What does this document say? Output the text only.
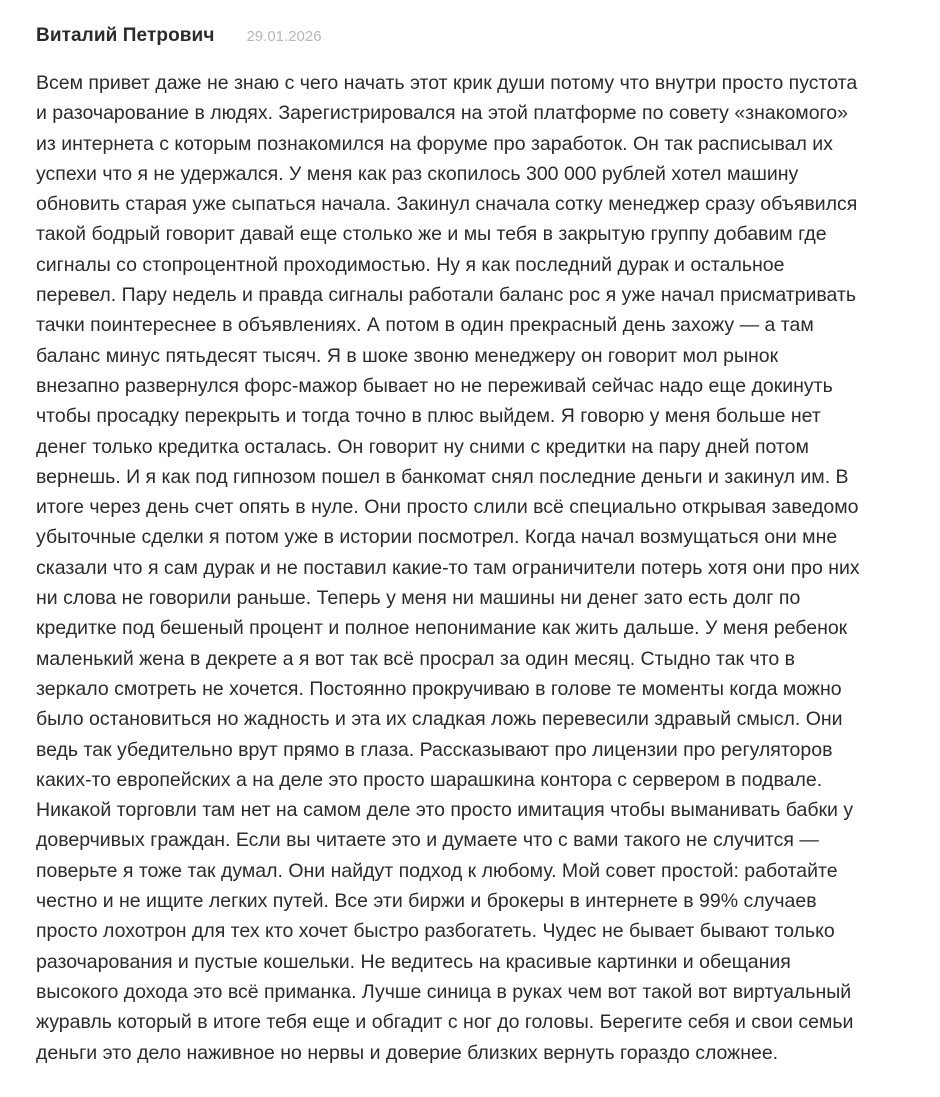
Виталий Петрович 29.01.2026
Всем привет даже не знаю с чего начать этот крик души потому что внутри просто пустота
и разочарование в людях. Зарегистрировался на этой платформе по совету «знакомого»
из интернета с которым познакомился на форуме про заработок. Он так расписывал их
успехи что я не удержался. У меня как раз скопилось 300 000 рублей хотел машину
обновить старая уже сыпаться начала. Закинул сначала сотку менеджер сразу объявился
такой бодрый говорит давай еще столько же и мы тебя в закрытую группу добавим где
сигналы со стопроцентной проходимостью. Ну я как последний дурак и остальное
перевел. Пару недель и правда сигналы работали баланс рос я уже начал присматривать
тачки поинтереснее в объявлениях. А потом в один прекрасный день захожу — а там
баланс минус пятьдесят тысяч. Я в шоке звоню менеджеру он говорит мол рынок
внезапно развернулся форс-мажор бывает но не переживай сейчас надо еще докинуть
чтобы просадку перекрыть и тогда точно в плюс выйдем. Я говорю у меня больше нет
денег только кредитка осталась. Он говорит ну сними с кредитки на пару дней потом
вернешь. И я как под гипнозом пошел в банкомат снял последние деньги и закинул им. В
итоге через день счет опять в нуле. Они просто слили всё специально открывая заведомо
убыточные сделки я потом уже в истории посмотрел. Когда начал возмущаться они мне
сказали что я сам дурак и не поставил какие-то там ограничители потерь хотя они про них
ни слова не говорили раньше. Теперь у меня ни машины ни денег зато есть долг по
кредитке под бешеный процент и полное непонимание как жить дальше. У меня ребенок
маленький жена в декрете а я вот так всё просрал за один месяц. Стыдно так что в
зеркало смотреть не хочется. Постоянно прокручиваю в голове те моменты когда можно
было остановиться но жадность и эта их сладкая ложь перевесили здравый смысл. Они
ведь так убедительно врут прямо в глаза. Рассказывают про лицензии про регуляторов
каких-то европейских а на деле это просто шарашкина контора с сервером в подвале.
Никакой торговли там нет на самом деле это просто имитация чтобы выманивать бабки у
доверчивых граждан. Если вы читаете это и думаете что с вами такого не случится —
поверьте я тоже так думал. Они найдут подход к любому. Мой совет простой: работайте
честно и не ищите легких путей. Все эти биржи и брокеры в интернете в 99% случаев
просто лохотрон для тех кто хочет быстро разбогатеть. Чудес не бывает бывают только
разочарования и пустые кошельки. Не ведитесь на красивые картинки и обещания
высокого дохода это всё приманка. Лучше синица в руках чем вот такой вот виртуальный
журавль который в итоге тебя еще и обгадит с ног до головы. Берегите себя и свои семьи
деньги это дело наживное но нервы и доверие близких вернуть гораздо сложнее.
